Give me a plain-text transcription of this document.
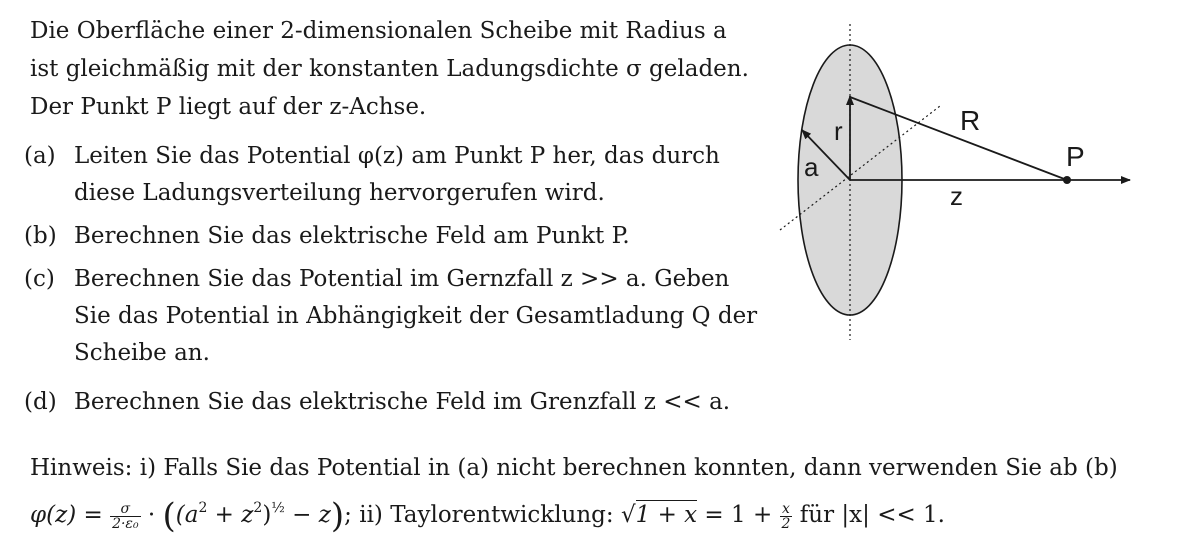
Die Oberfläche einer 2-dimensionalen Scheibe mit Radius a
ist gleichmäßig mit der konstanten Ladungsdichte σ geladen.
Der Punkt P liegt auf der z-Achse.
(a) Leiten Sie das Potential φ(z) am Punkt P her, das durch diese Ladungsverteilung hervorgerufen wird.
(b) Berechnen Sie das elektrische Feld am Punkt P.
(c) Berechnen Sie das Potential im Gernzfall z >> a. Geben Sie das Potential in Abhängigkeit der Gesamtladung Q der Scheibe an.
(d) Berechnen Sie das elektrische Feld im Grenzfall z << a.
Hinweis: i) Falls Sie das Potential in (a) nicht berechnen konnten, dann verwenden Sie ab (b)
$\varphi(z) = \frac{\sigma}{\text{2·ε₀}} \cdot ((a^2 + z^2)^{\frac{1}{2}} - z)$; ii) Taylorentwicklung: $√1 + x = 1 + \frac{x}{2}$ für |x| << 1.
R
r
a	P
z
